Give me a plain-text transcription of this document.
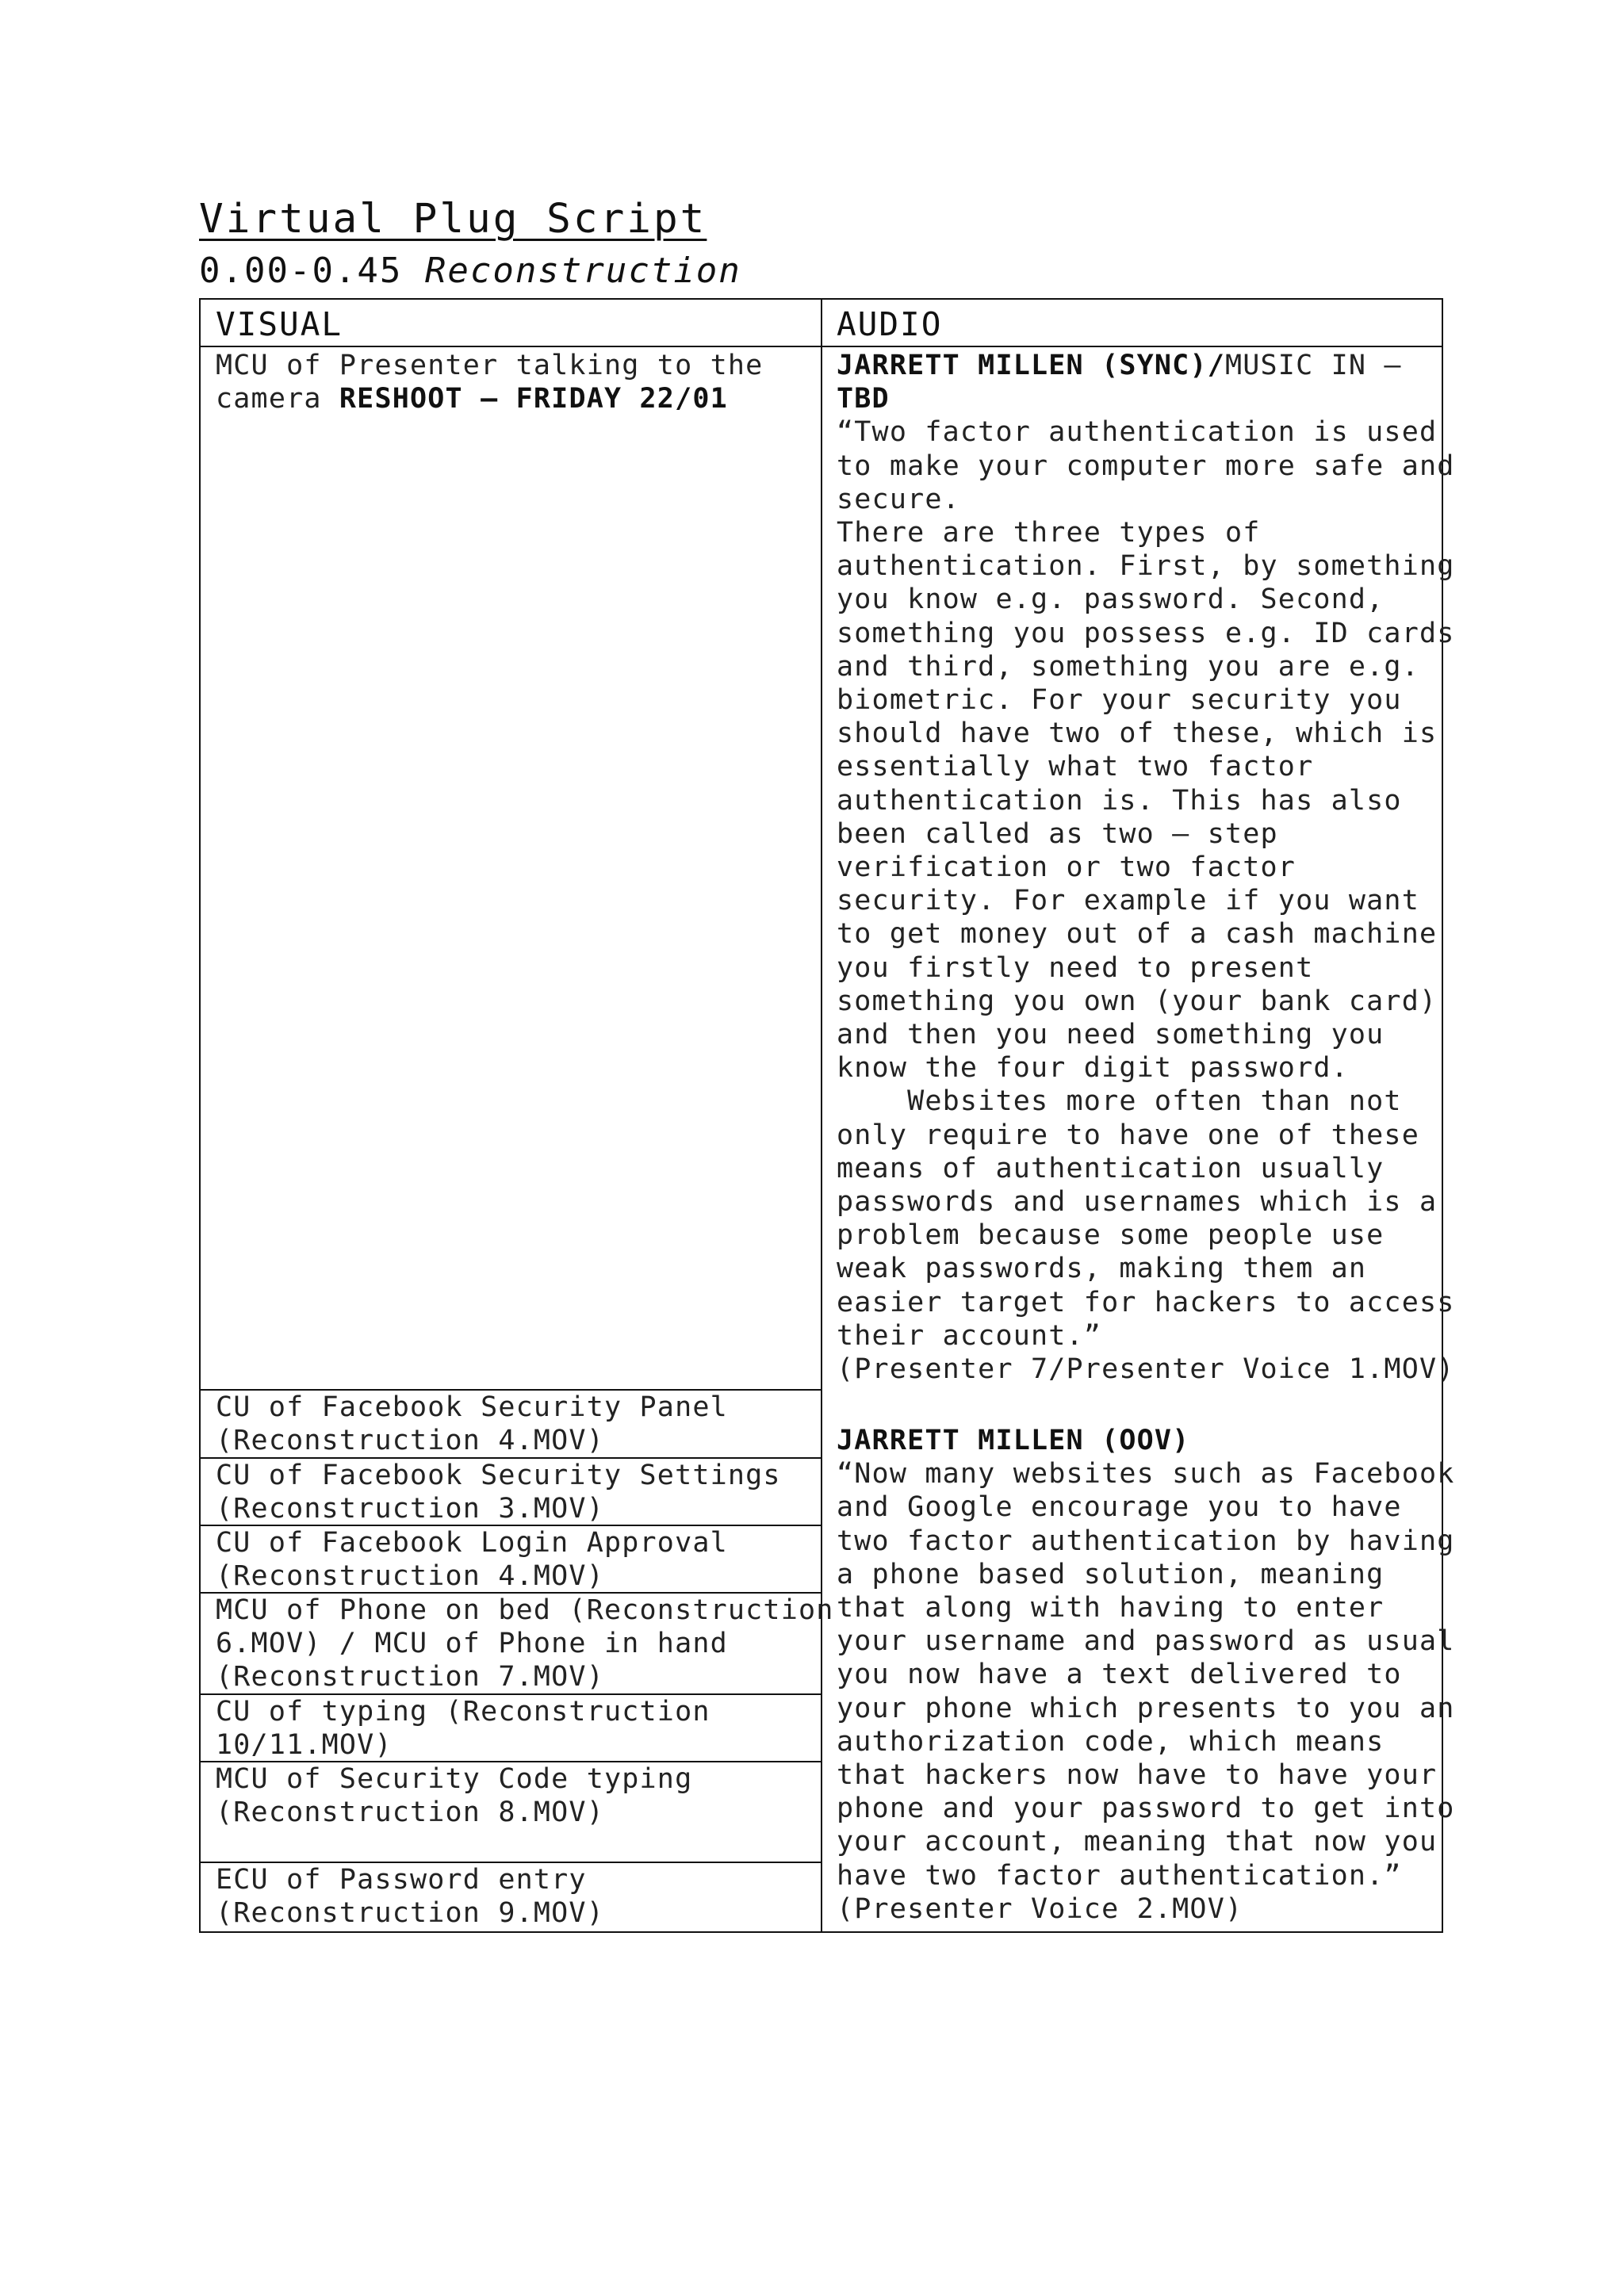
Virtual Plug Script
0.00-0.45 Reconstruction
VISUAL	AUDIO
MCU of Presenter talking to the
camera RESHOOT – FRIDAY 22/01
CU of Facebook Security Panel
(Reconstruction 4.MOV)
CU of Facebook Security Settings
(Reconstruction 3.MOV)
CU of Facebook Login Approval
(Reconstruction 4.MOV)
MCU of Phone on bed (Reconstruction
6.MOV) / MCU of Phone in hand
(Reconstruction 7.MOV)
CU of typing (Reconstruction
10/11.MOV)
MCU of Security Code typing
(Reconstruction 8.MOV)
ECU of Password entry
(Reconstruction 9.MOV)
JARRETT MILLEN (SYNC)/MUSIC IN –
TBD
“Two factor authentication is used
to make your computer more safe and
secure.
There are three types of
authentication. First, by something
you know e.g. password. Second,
something you possess e.g. ID cards
and third, something you are e.g.
biometric. For your security you
should have two of these, which is
essentially what two factor
authentication is. This has also
been called as two – step
verification or two factor
security. For example if you want
to get money out of a cash machine
you firstly need to present
something you own (your bank card)
and then you need something you
know the four digit password.
Websites more often than not
only require to have one of these
means of authentication usually
passwords and usernames which is a
problem because some people use
weak passwords, making them an
easier target for hackers to access
their account.”
(Presenter 7/Presenter Voice 1.MOV)
JARRETT MILLEN (OOV)
“Now many websites such as Facebook
and Google encourage you to have
two factor authentication by having
a phone based solution, meaning
that along with having to enter
your username and password as usual
you now have a text delivered to
your phone which presents to you an
authorization code, which means
that hackers now have to have your
phone and your password to get into
your account, meaning that now you
have two factor authentication.”
(Presenter Voice 2.MOV)
